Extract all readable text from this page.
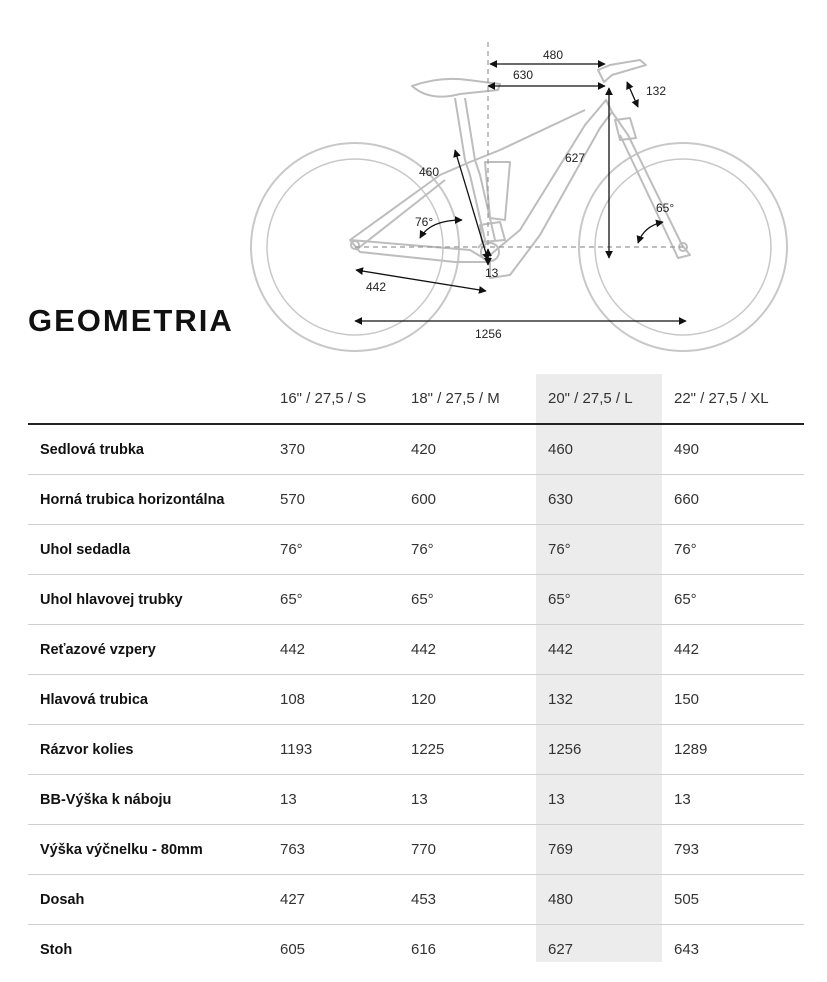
480
630
132
627
460
76°
65°
13
442
1256
GEOMETRIA
16" / 27,5 / S	18" / 27,5 / M	20" / 27,5 / L	22" / 27,5 / XL
Sedlová trubka	370	420	460	490
Horná trubica horizontálna	570	600	630	660
Uhol sedadla	76°	76°	76°	76°
Uhol hlavovej trubky	65°	65°	65°	65°
Reťazové vzpery	442	442	442	442
Hlavová trubica	108	120	132	150
Rázvor kolies	1193	1225	1256	1289
BB-Výška k náboju	13	13	13	13
Výška výčnelku - 80mm	763	770	769	793
Dosah	427	453	480	505
Stoh	605	616	627	643
